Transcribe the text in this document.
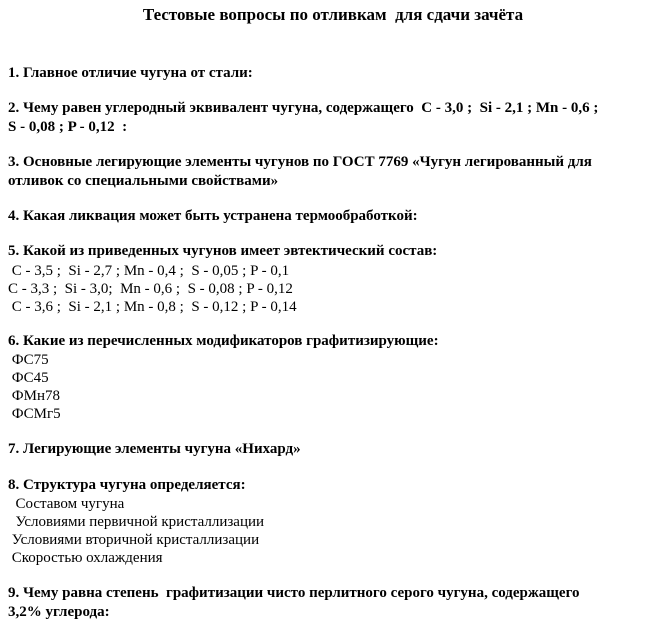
Тестовые вопросы по отливкам  для сдачи зачёта
1. Главное отличие чугуна от стали:
2. Чему равен углеродный эквивалент чугуна, содержащего  С - 3,0 ;  Si - 2,1 ; Mn - 0,6 ;
S - 0,08 ; P - 0,12  :
3. Основные легирующие элементы чугунов по ГОСТ 7769 «Чугун легированный для
отливок со специальными свойствами»
4. Какая ликвация может быть устранена термообработкой:
5. Какой из приведенных чугунов имеет эвтектический состав:
С - 3,5 ;  Si - 2,7 ; Mn - 0,4 ;  S - 0,05 ; P - 0,1
С - 3,3 ;  Si - 3,0;  Mn - 0,6 ;  S - 0,08 ; P - 0,12
С - 3,6 ;  Si - 2,1 ; Mn - 0,8 ;  S - 0,12 ; P - 0,14
6. Какие из перечисленных модификаторов графитизирующие:
ФС75
ФС45
ФМн78
ФСМг5
7. Легирующие элементы чугуна «Нихард»
8. Структура чугуна определяется:
Составом чугуна
Условиями первичной кристаллизации
Условиями вторичной кристаллизации
Скоростью охлаждения
9. Чему равна степень  графитизации чисто перлитного серого чугуна, содержащего
3,2% углерода:
